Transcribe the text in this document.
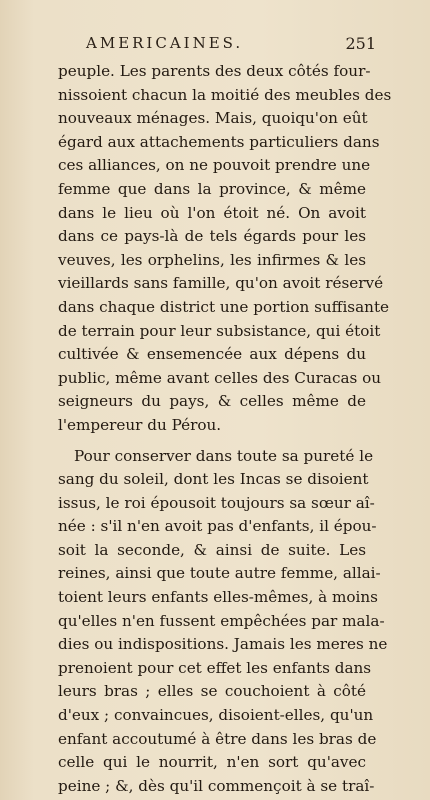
AMERICAINES.	251
peuple. Les parents des deux côtés four-
nissoient chacun la moitié des meubles des
nouveaux ménages. Mais, quoiqu'on eût
égard aux attachements particuliers dans
ces alliances, on ne pouvoit prendre une
femme que dans la province, & même
dans le lieu où l'on étoit né. On avoit
dans ce pays-là de tels égards pour les
veuves, les orphelins, les infirmes & les
vieillards sans famille, qu'on avoit réservé
dans chaque district une portion suffisante
de terrain pour leur subsistance, qui étoit
cultivée & ensemencée aux dépens du
public, même avant celles des Curacas ou
seigneurs du pays, & celles même de
l'empereur du Pérou.
Pour conserver dans toute sa pureté le
sang du soleil, dont les Incas se disoient
issus, le roi épousoit toujours sa sœur aî-
née : s'il n'en avoit pas d'enfants, il épou-
soit la seconde, & ainsi de suite. Les
reines, ainsi que toute autre femme, allai-
toient leurs enfants elles-mêmes, à moins
qu'elles n'en fussent empêchées par mala-
dies ou indispositions. Jamais les meres ne
prenoient pour cet effet les enfants dans
leurs bras ; elles se couchoient à côté
d'eux ; convaincues, disoient-elles, qu'un
enfant accoutumé à être dans les bras de
celle qui le nourrit, n'en sort qu'avec
peine ; &, dès qu'il commençoit à se traî-
